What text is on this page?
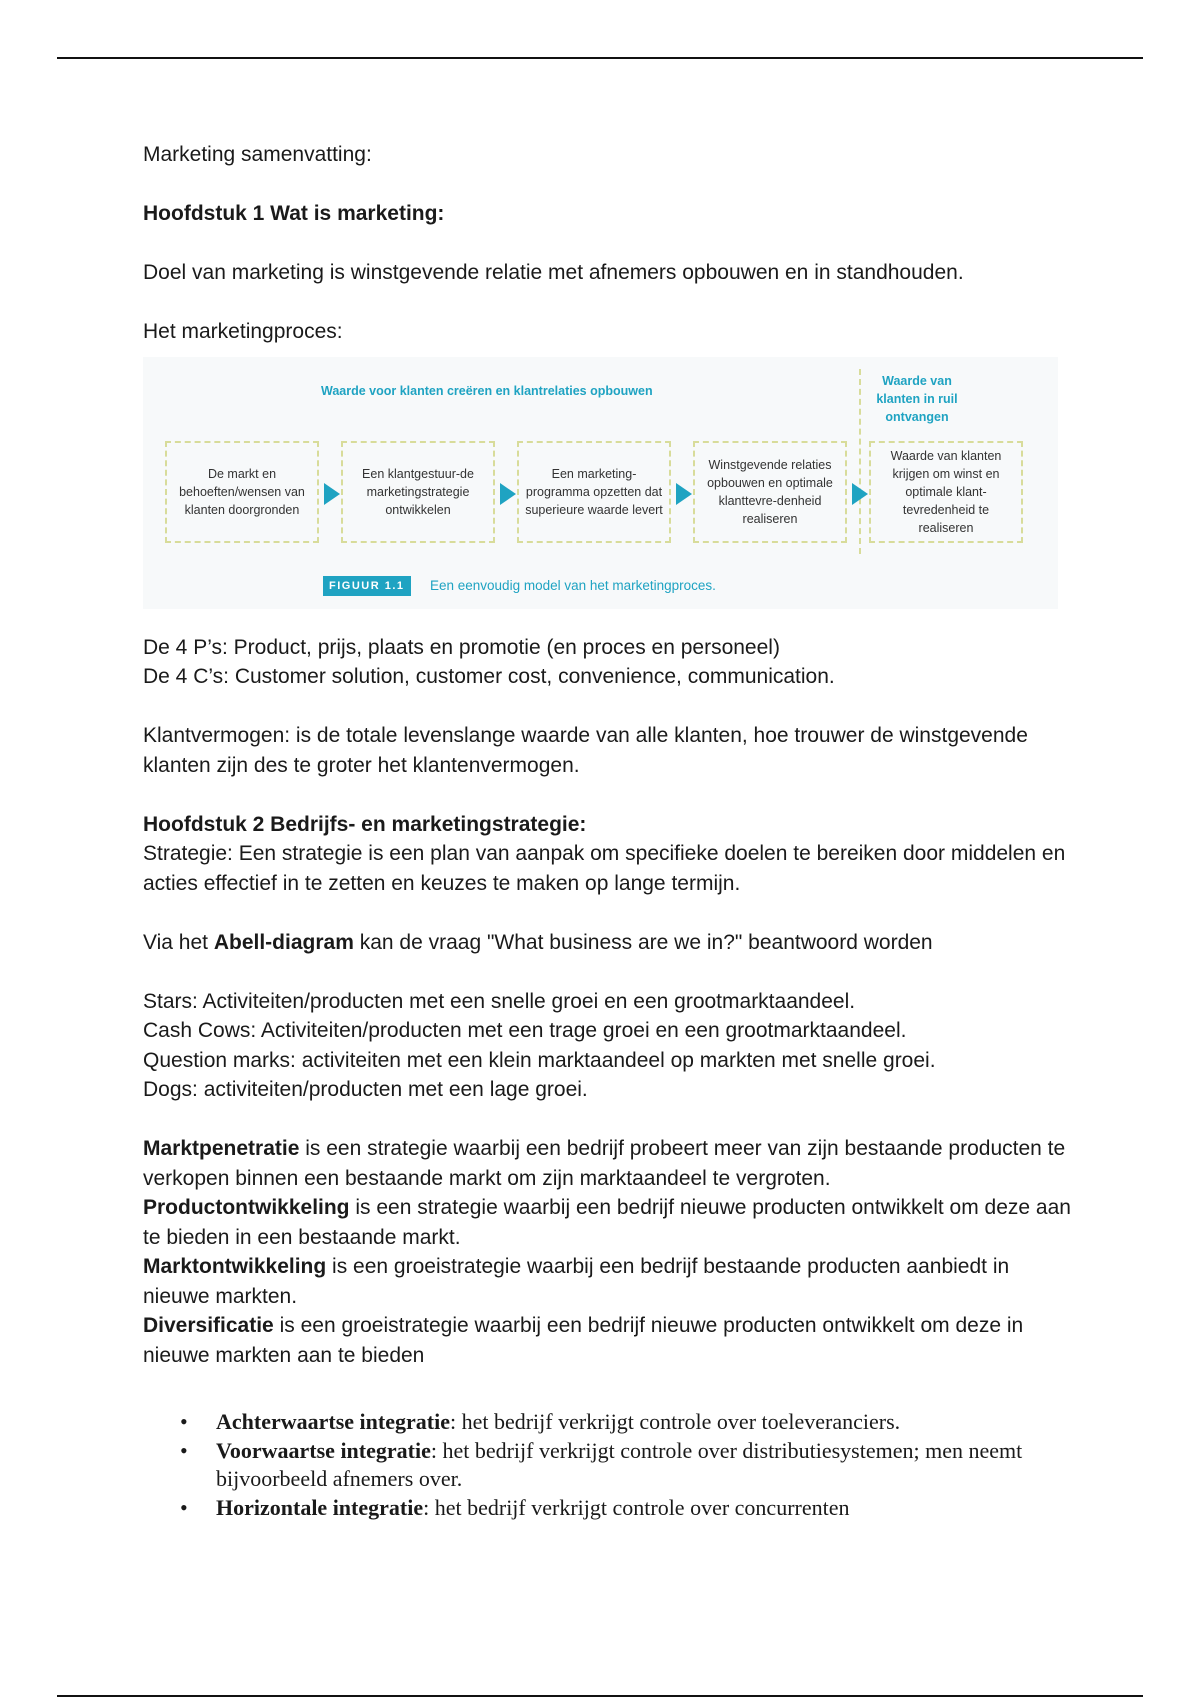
Marketing samenvatting:

Hoofdstuk 1 Wat is marketing:

Doel van marketing is winstgevende relatie met afnemers opbouwen en in standhouden.

Het marketingproces:

Waarde voor klanten creëren en klantrelaties opbouwen
Waarde van klanten in ruil ontvangen
De markt en behoeften/wensen van klanten doorgronden
Een klantgestuur-de marketingstrategie ontwikkelen
Een marketing-programma opzetten dat superieure waarde levert
Winstgevende relaties opbouwen en optimale klanttevre-denheid realiseren
Waarde van klanten krijgen om winst en optimale klant-tevredenheid te realiseren
FIGUUR 1.1	Een eenvoudig model van het marketingproces.

De 4 P’s: Product, prijs, plaats en promotie (en proces en personeel)

De 4 C’s: Customer solution, customer cost, convenience, communication.

Klantvermogen: is de totale levenslange waarde van alle klanten, hoe trouwer de winstgevende klanten zijn des te groter het klantenvermogen.

Hoofdstuk 2 Bedrijfs- en marketingstrategie:

Strategie: Een strategie is een plan van aanpak om specifieke doelen te bereiken door middelen en acties effectief in te zetten en keuzes te maken op lange termijn.

Via het Abell-diagram kan de vraag "What business are we in?" beantwoord worden

Stars: Activiteiten/producten met een snelle groei en een grootmarktaandeel.

Cash Cows: Activiteiten/producten met een trage groei en een grootmarktaandeel.

Question marks: activiteiten met een klein marktaandeel op markten met snelle groei.

Dogs: activiteiten/producten met een lage groei.

Marktpenetratie is een strategie waarbij een bedrijf probeert meer van zijn bestaande producten te verkopen binnen een bestaande markt om zijn marktaandeel te vergroten.

Productontwikkeling is een strategie waarbij een bedrijf nieuwe producten ontwikkelt om deze aan te bieden in een bestaande markt.

Marktontwikkeling is een groeistrategie waarbij een bedrijf bestaande producten aanbiedt in nieuwe markten.

Diversificatie is een groeistrategie waarbij een bedrijf nieuwe producten ontwikkelt om deze in nieuwe markten aan te bieden

• Achterwaartse integratie: het bedrijf verkrijgt controle over toeleveranciers.
• Voorwaartse integratie: het bedrijf verkrijgt controle over distributiesystemen; men neemt bijvoorbeeld afnemers over.
• Horizontale integratie: het bedrijf verkrijgt controle over concurrenten
